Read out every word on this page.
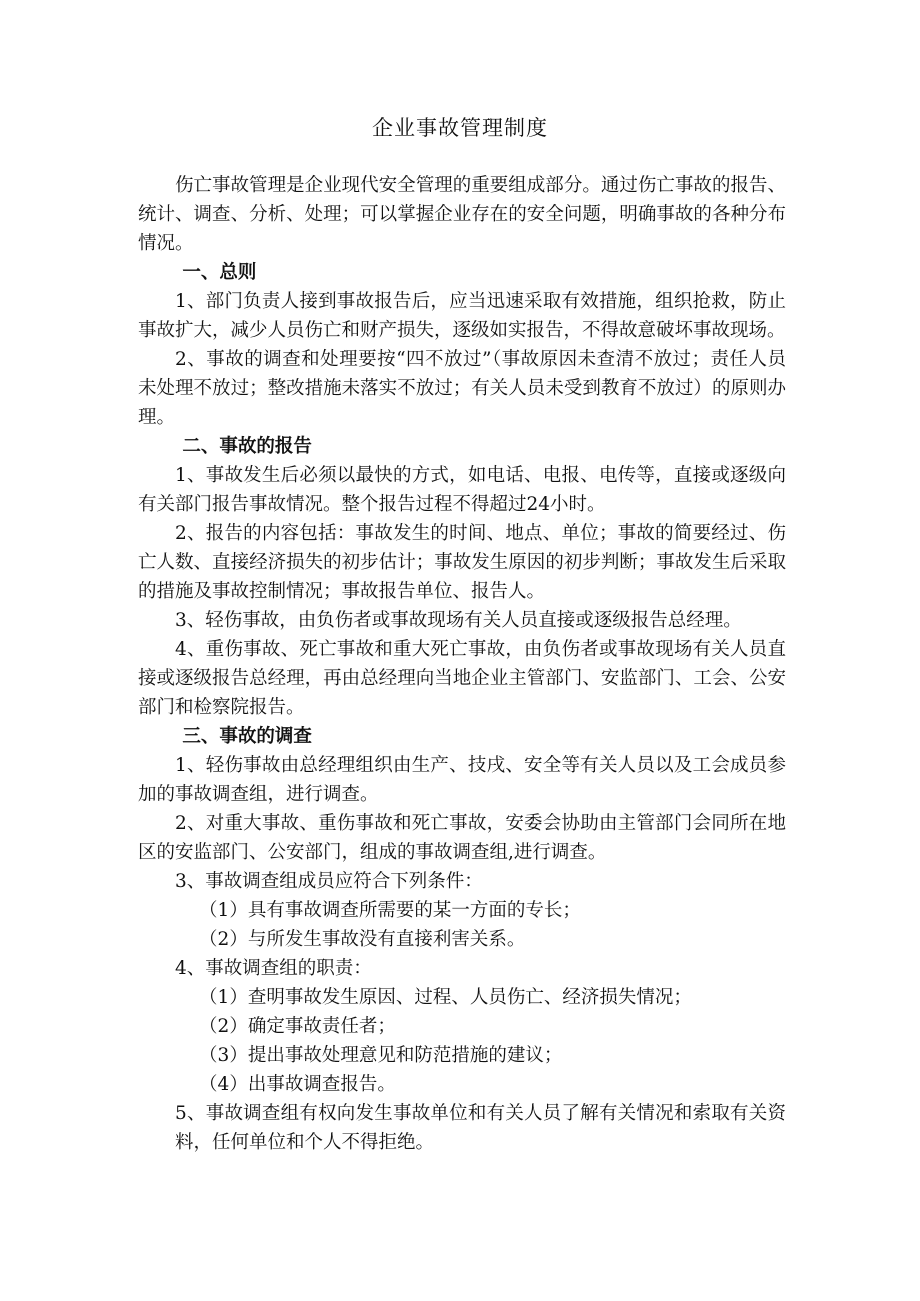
企业事故管理制度

伤亡事故管理是企业现代安全管理的重要组成部分。通过伤亡事故的报告、统计、调查、分析、处理；可以掌握企业存在的安全问题，明确事故的各种分布情况。

一、总则

1、部门负责人接到事故报告后，应当迅速采取有效措施，组织抢救，防止事故扩大，减少人员伤亡和财产损失，逐级如实报告，不得故意破坏事故现场。

2、事故的调查和处理要按“四不放过”（事故原因未查清不放过；责任人员未处理不放过；整改措施未落实不放过；有关人员未受到教育不放过）的原则办理。

二、事故的报告

1、事故发生后必须以最快的方式，如电话、电报、电传等，直接或逐级向有关部门报告事故情况。整个报告过程不得超过24小时。

2、报告的内容包括：事故发生的时间、地点、单位；事故的简要经过、伤亡人数、直接经济损失的初步估计；事故发生原因的初步判断；事故发生后采取的措施及事故控制情况；事故报告单位、报告人。

3、轻伤事故，由负伤者或事故现场有关人员直接或逐级报告总经理。

4、重伤事故、死亡事故和重大死亡事故，由负伤者或事故现场有关人员直接或逐级报告总经理，再由总经理向当地企业主管部门、安监部门、工会、公安部门和检察院报告。

三、事故的调查

1、轻伤事故由总经理组织由生产、技戌、安全等有关人员以及工会成员参加的事故调查组，进行调查。

2、对重大事故、重伤事故和死亡事故，安委会协助由主管部门会同所在地区的安监部门、公安部门，组成的事故调查组,进行调查。

3、事故调查组成员应符合下列条件：

（1）具有事故调查所需要的某一方面的专长；

（2）与所发生事故没有直接利害关系。

4、事故调查组的职责：

（1）查明事故发生原因、过程、人员伤亡、经济损失情况；

（2）确定事故责任者；

（3）提出事故处理意见和防范措施的建议；

（4）出事故调查报告。

5、事故调查组有权向发生事故单位和有关人员了解有关情况和索取有关资料，任何单位和个人不得拒绝。
